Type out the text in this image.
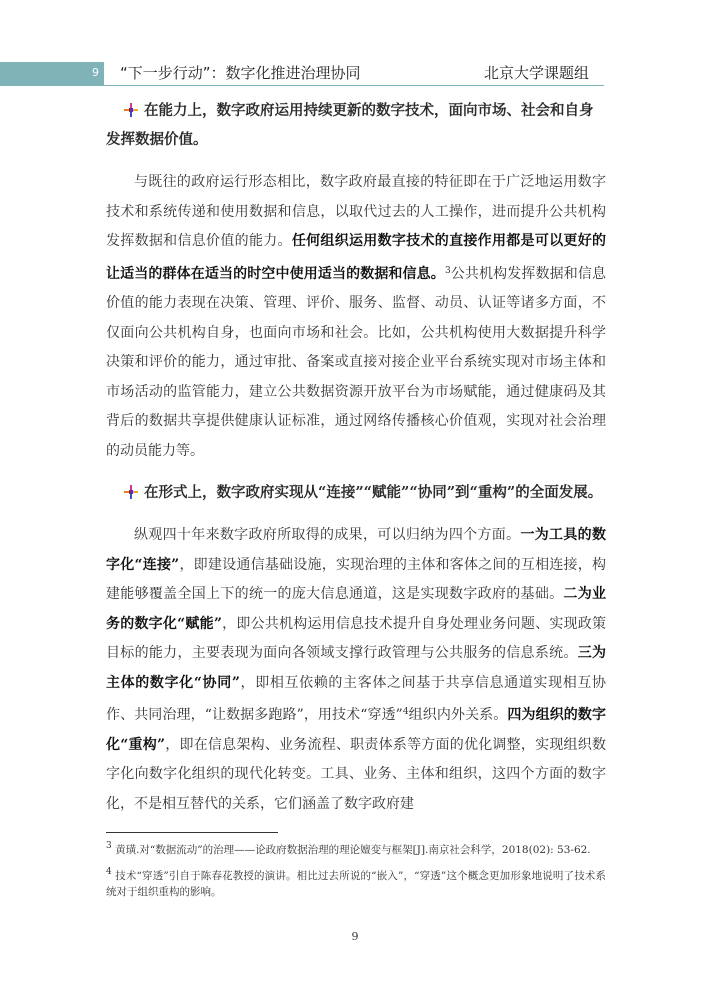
9 “下一步行动”：数字化推进治理协同	北京大学课题组
在能力上，数字政府运用持续更新的数字技术，面向市场、社会和自身发挥数据价值。

与既往的政府运行形态相比，数字政府最直接的特征即在于广泛地运用数字技术和系统传递和使用数据和信息，以取代过去的人工操作，进而提升公共机构发挥数据和信息价值的能力。任何组织运用数字技术的直接作用都是可以更好的让适当的群体在适当的时空中使用适当的数据和信息。$^3$公共机构发挥数据和信息价值的能力表现在决策、管理、评价、服务、监督、动员、认证等诸多方面，不仅面向公共机构自身，也面向市场和社会。比如，公共机构使用大数据提升科学决策和评价的能力，通过审批、备案或直接对接企业平台系统实现对市场主体和市场活动的监管能力，建立公共数据资源开放平台为市场赋能，通过健康码及其背后的数据共享提供健康认证标准，通过网络传播核心价值观，实现对社会治理的动员能力等。

在形式上，数字政府实现从“连接”“赋能”“协同”到“重构”的全面发展。

纵观四十年来数字政府所取得的成果，可以归纳为四个方面。一为工具的数字化“连接”，即建设通信基础设施，实现治理的主体和客体之间的互相连接，构建能够覆盖全国上下的统一的庞大信息通道，这是实现数字政府的基础。二为业务的数字化“赋能”，即公共机构运用信息技术提升自身处理业务问题、实现政策目标的能力，主要表现为面向各领域支撑行政管理与公共服务的信息系统。三为主体的数字化“协同”，即相互依赖的主客体之间基于共享信息通道实现相互协作、共同治理，“让数据多跑路”，用技术“穿透”$^4$组织内外关系。四为组织的数字化“重构”，即在信息架构、业务流程、职责体系等方面的优化调整，实现组织数字化向数字化组织的现代化转变。工具、业务、主体和组织，这四个方面的数字化，不是相互替代的关系，它们涵盖了数字政府建

$^3$ 黄璜.对“数据流动”的治理——论政府数据治理的理论嬗变与框架[J].南京社会科学，2018(02): 53-62.

$^4$ 技术“穿透”引自于陈春花教授的演讲。相比过去所说的“嵌入”，“穿透”这个概念更加形象地说明了技术系统对于组织重构的影响。

9
